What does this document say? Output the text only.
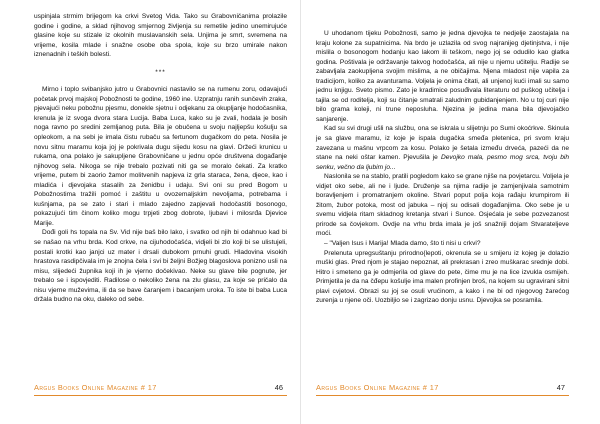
uspinjala strmim brijegom ka crkvi Svetog Vida. Tako su Grabovničanima prolazile godine i godine, a sklad njihovog smjernog življenja su remetile jedino unemirujuće glasine koje su stizale iz okolnih muslavanskih sela. Unjima je smrt, svremena na vrijeme, kosila mlade i snažne osobe oba spola, koje su brzo umirale nakon iznenadnih i teških bolesti.

***

Mirno i toplo svibanjsko jutro u Grabovnici nastavilo se na rumenu zoru, odavajući početak prvoj majskoj Pobožnosti te godine, 1960 ine. Uzpratnju ranih sunčevih zraka, pjevajući neku pobožnu pjesmu, donekle sjetnu i odjekanu za okupljanje hodočasnika, krenula je iz svoga dvora stara Lucija. Baba Luca, kako su je zvali, hodala je bosih noga ravno po sredini zemljanog puta. Bila je obučena u svoju najljepšu košulju sa opleokom, a na sebi je imala čistu rubaču sa fertunom dugačkom do peta. Nosila je novu sitnu maramu koja joj je pokrivala dugu sijedu kosu na glavi. Držeći krunicu u rukama, ona polako je sakupljene Grabovničane u jednu opće društvena događanje njihovog sela. Nikoga se nije trebalo pozivati niti ga se moralo čekati. Za kratko vrijeme, putem bi zaorio žamor molitvenih napjeva iz grla staraca, žena, djece, kao i mladića i djevojaka stasalih za ženidbu i udaju. Svi oni su pred Bogom u Pobožnostima tražili pomoć i zaštitu u ovozemaljskim nevoljama, potrebama i kušnjama, pa se zato i stari i mlado zajedno zapjevali hodočastiti bosonogo, pokazujući tim činom koliko mogu trpjeti zbog dobrote, ljubavi i milosrđa Djevice Marije.

Dođi goli hs topala na Sv. Vid nije baš bilo lako, i svatko od njih bi odahnuo kad bi se našao na vrhu brda. Kod crkve, na cijuhodočašća, vidjeli bi zlo koji bi se ulistujeli, postali krotki kao janjci uz mater i drsali dubokom prnuhi grudi. Hladovina visokih hrastova rasdipčivala im je znojna čela i svi bi željni Božjeg blagoslova ponizno usli na misu, slijedeći župnika koji ih je vjerno dočekivao. Neke su glave bile pognute, jer trebalo se i ispovjediti. Radilose o nekoliko žena na zlu glasu, za koje se pričalo da nisu vjerne muževima, ili da se bave čaranjem i bacanjem uroka. To iste bi baba Luca držala budno na oku, daleko od sebe.

Argus Books Online Magazine # 17	46

U uhodanom tijeku Pobožnosti, samo je jedna djevojka te nedjelje zaostajala na kraju kolone za supatnicima. Na brdo je uzlazila od svog najranijeg djetinjstva, i nije mislila o bosonogom hodanju kao lakom ili teškom, nego joj se odudilo kao glatka godina. Poštivala je održavanje takvog hodočašća, ali nije u njemu učitelju. Radije se zabavljala zaokupljena svojim mislima, a ne običajima. Njena mladost nije vapila za tradicijom, koliko za avanturama. Voljela je onima čitati, ali unjenoj kući imali su samo jednu knjigu. Sveto pismo. Zato je kradimice posuđivala literaturu od puškog učitelja i tajila se od roditelja, koji su čitanje smatrali zaludnim gubidanjenjem. No u toj curi nije bilo grama koleji, ni trune neposluha. Njezina je jedina mana bila djevojačko sanjarenje.

Kad su svi drugi ušli na službu, ona se iskrala u slijetnju po Sumi okoćrkve. Skinula je sa glave maramu, iz koje je ispala dugačka smeđa pletenica, pri svom kraju zavezana u mašnu vrpcom za kosu. Polako je šetala između drveća, pazeći da ne stane na neki oštar kamen. Pjevušila je Devojko mala, pesmo mog srca, tvoju bih senku, večno da ljubim jo...

Naslonila se na stablo, pratili pogledom kako se grane njiše na povjetarcu. Voljela je vidjet oko sebe, ali ne i ljude. Druženje sa njima radije je zamjenjivala samotnim boravljenjem i promatranjem okoline. Stvari poput polja koja rađaju krumpirom ili žitom, žubor potoka, most od jabuka – njoj su odisali događanjima. Oko sebe je u svemu vidjela ritam skladnog kretanja stvari i Sunce. Osjećala je sebe pozvezanost prirode sa čovjekom. Ovdje na vrhu brda imala je još snažniji dojam Stvarateljeve moći.

– "Valjen Isus i Marija! Mlada damo, što ti nisi u crkvi?

Prelenuta upregsuštanju prirodno{lepoti, okrenula se u smijeru iz kojeg je dolazio muški glas. Pred njom je stajao nepoznat, ali prekrasan i zreo muškarac srednje dobi. Hitro i smeteno ga je odmjerila od glave do pete, čime mu je na lice izvukla osmijeh. Primjetila je da na čđepu košulje ima malen profinjen broš, na kojem su ugravirani sitni plavi cvjetovi. Obrazi su joj se osuli vrućinom, a kako i ne bi od njegovog žarećog zurenja u njene oči. Uozbiljio se i zagrizao donju usnu. Djevojka se posramila.

Argus Books Online Magazine # 17	47
